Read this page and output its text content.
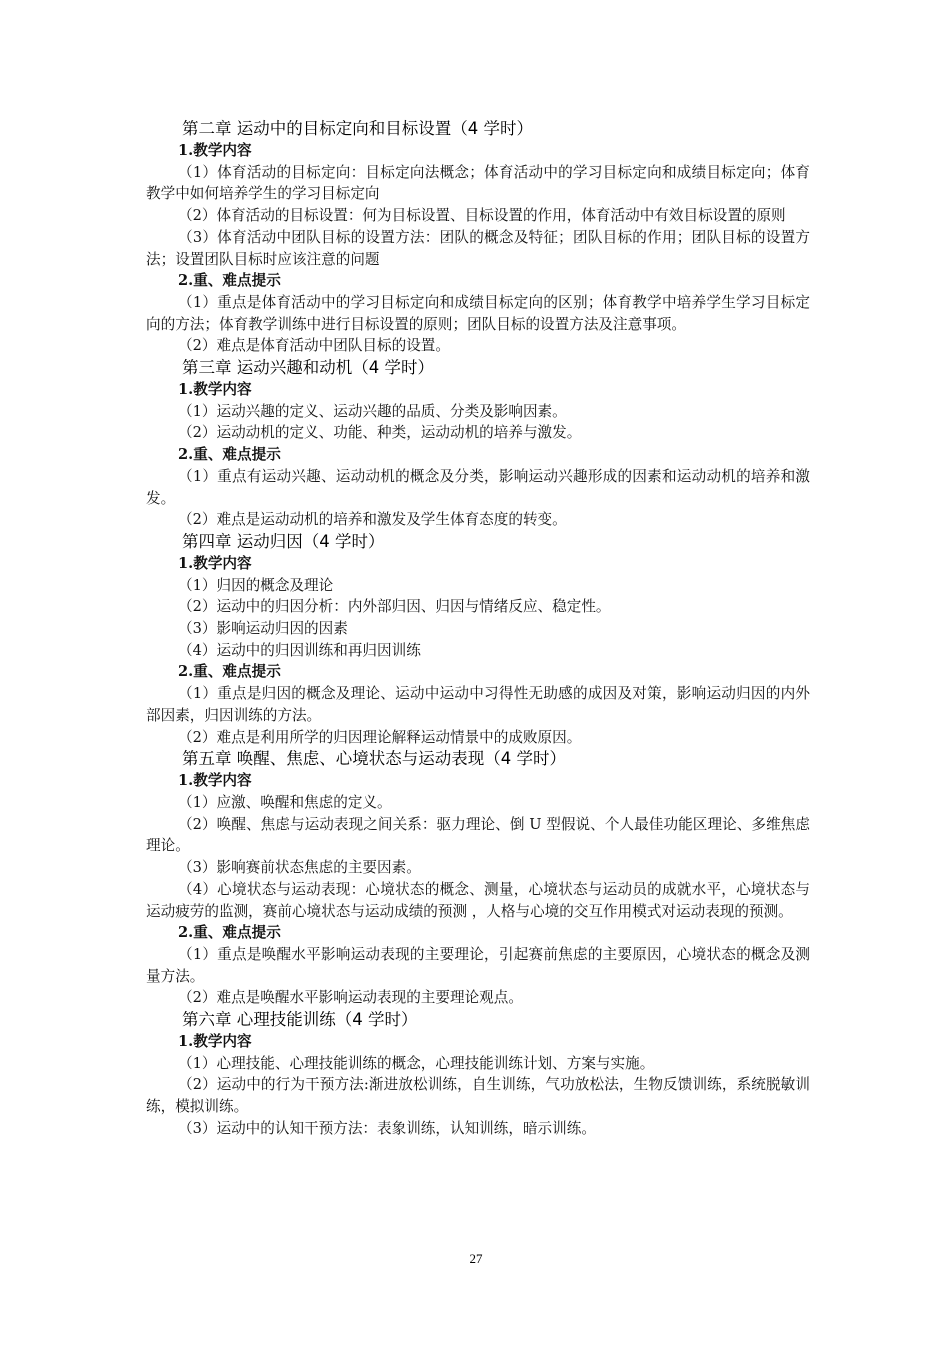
第二章 运动中的目标定向和目标设置（4 学时）
1.教学内容

（1）体育活动的目标定向：目标定向法概念；体育活动中的学习目标定向和成绩目标定向；体育教学中如何培养学生的学习目标定向

（2）体育活动的目标设置：何为目标设置、目标设置的作用，体育活动中有效目标设置的原则

（3）体育活动中团队目标的设置方法：团队的概念及特征；团队目标的作用；团队目标的设置方法；设置团队目标时应该注意的问题

2.重、难点提示

（1）重点是体育活动中的学习目标定向和成绩目标定向的区别；体育教学中培养学生学习目标定向的方法；体育教学训练中进行目标设置的原则；团队目标的设置方法及注意事项。

（2）难点是体育活动中团队目标的设置。

第三章 运动兴趣和动机（4 学时）
1.教学内容

（1）运动兴趣的定义、运动兴趣的品质、分类及影响因素。

（2）运动动机的定义、功能、种类，运动动机的培养与激发。

2.重、难点提示

（1）重点有运动兴趣、运动动机的概念及分类，影响运动兴趣形成的因素和运动动机的培养和激发。

（2）难点是运动动机的培养和激发及学生体育态度的转变。

第四章 运动归因（4 学时）
1.教学内容

（1）归因的概念及理论

（2）运动中的归因分析：内外部归因、归因与情绪反应、稳定性。

（3）影响运动归因的因素

（4）运动中的归因训练和再归因训练

2.重、难点提示

（1）重点是归因的概念及理论、运动中运动中习得性无助感的成因及对策，影响运动归因的内外部因素，归因训练的方法。

（2）难点是利用所学的归因理论解释运动情景中的成败原因。

第五章 唤醒、焦虑、心境状态与运动表现（4 学时）
1.教学内容

（1）应激、唤醒和焦虑的定义。

（2）唤醒、焦虑与运动表现之间关系：驱力理论、倒 U 型假说、个人最佳功能区理论、多维焦虑理论。

（3）影响赛前状态焦虑的主要因素。

（4）心境状态与运动表现：心境状态的概念、测量，心境状态与运动员的成就水平，心境状态与运动疲劳的监测，赛前心境状态与运动成绩的预测 ，人格与心境的交互作用模式对运动表现的预测。

2.重、难点提示

（1）重点是唤醒水平影响运动表现的主要理论，引起赛前焦虑的主要原因，心境状态的概念及测量方法。

（2）难点是唤醒水平影响运动表现的主要理论观点。

第六章 心理技能训练（4 学时）
1.教学内容

（1）心理技能、心理技能训练的概念，心理技能训练计划、方案与实施。

（2）运动中的行为干预方法:渐进放松训练，自生训练，气功放松法，生物反馈训练，系统脱敏训练，模拟训练。

（3）运动中的认知干预方法：表象训练，认知训练，暗示训练。

27
